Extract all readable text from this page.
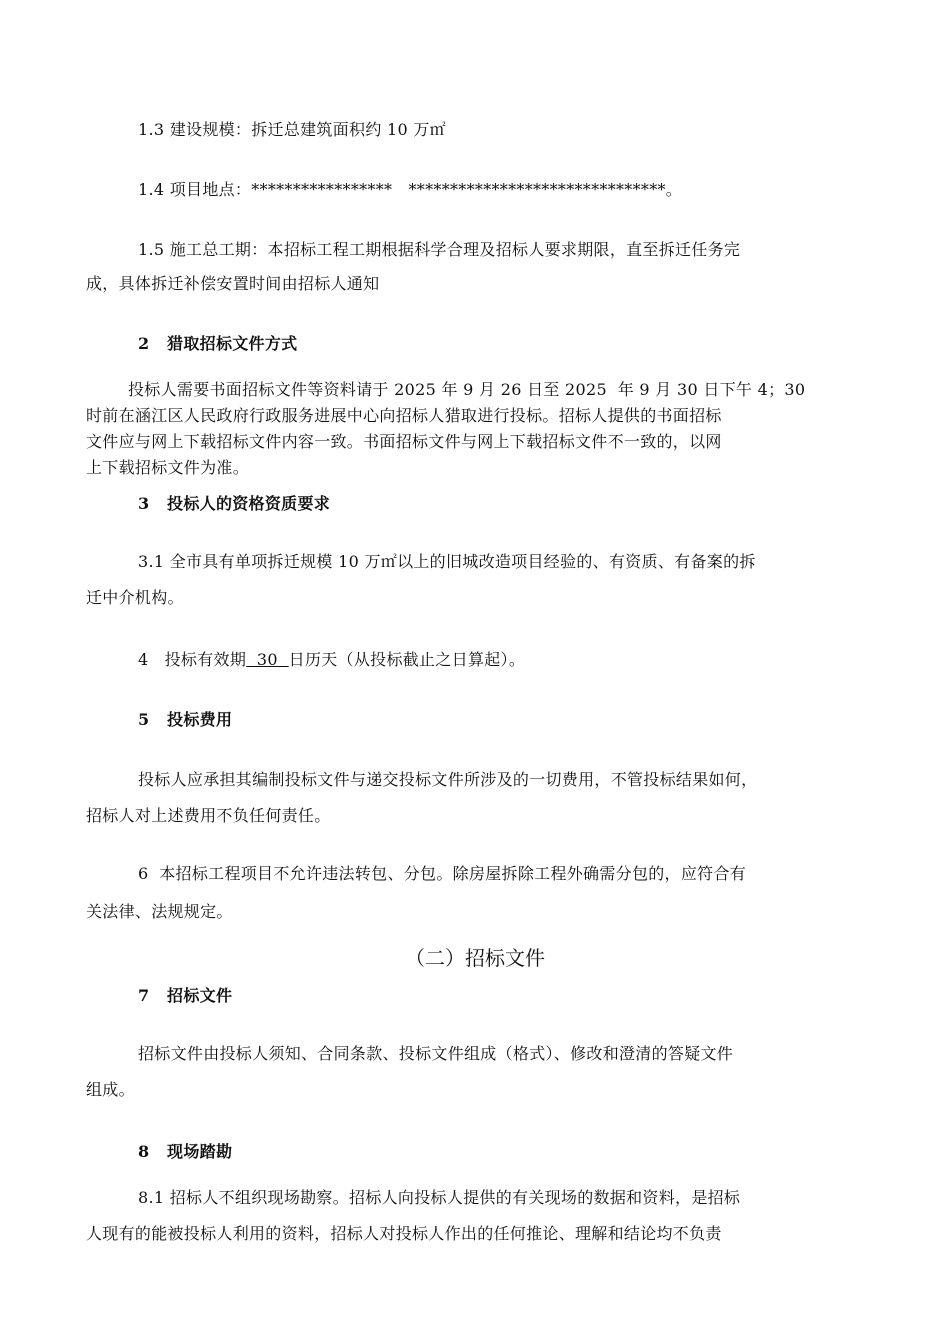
1.3 建设规模：拆迁总建筑面积约 10 万㎡
1.4 项目地点：*****************   *******************************。
1.5 施工总工期：本招标工程工期根据科学合理及招标人要求期限，直至拆迁任务完
成，具体拆迁补偿安置时间由招标人通知
2   猎取招标文件方式
投标人需要书面招标文件等资料请于 2025 年 9 月 26 日至 2025  年 9 月 30 日下午 4；30
时前在涵江区人民政府行政服务进展中心向招标人猎取进行投标。招标人提供的书面招标
文件应与网上下载招标文件内容一致。书面招标文件与网上下载招标文件不一致的，以网
上下载招标文件为准。
3   投标人的资格资质要求
3.1 全市具有单项拆迁规模 10 万㎡以上的旧城改造项目经验的、有资质、有备案的拆
迁中介机构。
4   投标有效期  30  日历天（从投标截止之日算起）。
5   投标费用
投标人应承担其编制投标文件与递交投标文件所涉及的一切费用，不管投标结果如何，
招标人对上述费用不负任何责任。
6  本招标工程项目不允许违法转包、分包。除房屋拆除工程外确需分包的，应符合有
关法律、法规规定。
（二）招标文件
7   招标文件
招标文件由投标人须知、合同条款、投标文件组成（格式）、修改和澄清的答疑文件
组成。
8   现场踏勘
8.1 招标人不组织现场勘察。招标人向投标人提供的有关现场的数据和资料，是招标
人现有的能被投标人利用的资料，招标人对投标人作出的任何推论、理解和结论均不负责
